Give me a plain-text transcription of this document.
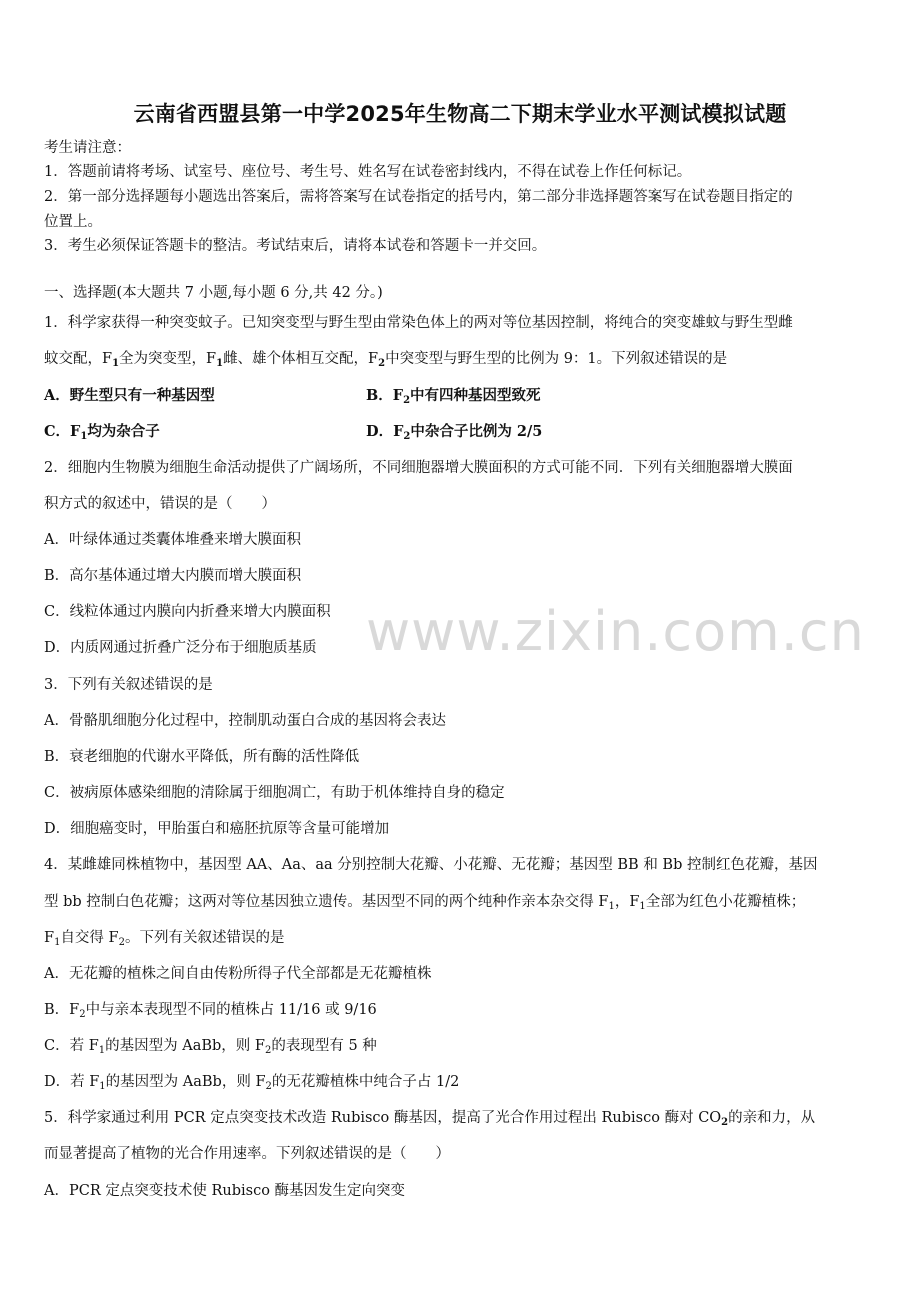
云南省西盟县第一中学2025年生物高二下期末学业水平测试模拟试题
考生请注意：
1．答题前请将考场、试室号、座位号、考生号、姓名写在试卷密封线内，不得在试卷上作任何标记。
2．第一部分选择题每小题选出答案后，需将答案写在试卷指定的括号内，第二部分非选择题答案写在试卷题目指定的
位置上。
3．考生必须保证答题卡的整洁。考试结束后，请将本试卷和答题卡一并交回。
一、选择题(本大题共 7 小题,每小题 6 分,共 42 分。)
1．科学家获得一种突变蚊子。已知突变型与野生型由常染色体上的两对等位基因控制，将纯合的突变雄蚊与野生型雌
蚊交配，$F_1$全为突变型，$F_1$雌、雄个体相互交配，$F_2$中突变型与野生型的比例为 9：1。下列叙述错误的是
A．野生型只有一种基因型	B．$F_2$中有四种基因型致死
C．$F_1$均为杂合子	D．$F_2$中杂合子比例为 2/5
2．细胞内生物膜为细胞生命活动提供了广阔场所，不同细胞器增大膜面积的方式可能不同．下列有关细胞器增大膜面
积方式的叙述中，错误的是（　　）
A．叶绿体通过类囊体堆叠来增大膜面积
B．高尔基体通过增大内膜而增大膜面积
C．线粒体通过内膜向内折叠来增大内膜面积
D．内质网通过折叠广泛分布于细胞质基质
3．下列有关叙述错误的是
A．骨骼肌细胞分化过程中，控制肌动蛋白合成的基因将会表达
B．衰老细胞的代谢水平降低，所有酶的活性降低
C．被病原体感染细胞的清除属于细胞凋亡，有助于机体维持自身的稳定
D．细胞癌变时，甲胎蛋白和癌胚抗原等含量可能增加
4．某雌雄同株植物中，基因型 AA、Aa、aa 分别控制大花瓣、小花瓣、无花瓣；基因型 BB 和 Bb 控制红色花瓣，基因
型 bb 控制白色花瓣；这两对等位基因独立遗传。基因型不同的两个纯种作亲本杂交得 $F_1$，$F_1$全部为红色小花瓣植株；
$F_1$自交得 $F_2$。下列有关叙述错误的是
A．无花瓣的植株之间自由传粉所得子代全部都是无花瓣植株
B．$F_2$中与亲本表现型不同的植株占 11/16 或 9/16
C．若 $F_1$的基因型为 AaBb，则 $F_2$的表现型有 5 种
D．若 $F_1$的基因型为 AaBb，则 $F_2$的无花瓣植株中纯合子占 1/2
5．科学家通过利用 PCR 定点突变技术改造 Rubisco 酶基因，提高了光合作用过程出 Rubisco 酶对 $CO_2$的亲和力，从
而显著提高了植物的光合作用速率。下列叙述错误的是（　　）
A．PCR 定点突变技术使 Rubisco 酶基因发生定向突变
www.zixin.com.cn
